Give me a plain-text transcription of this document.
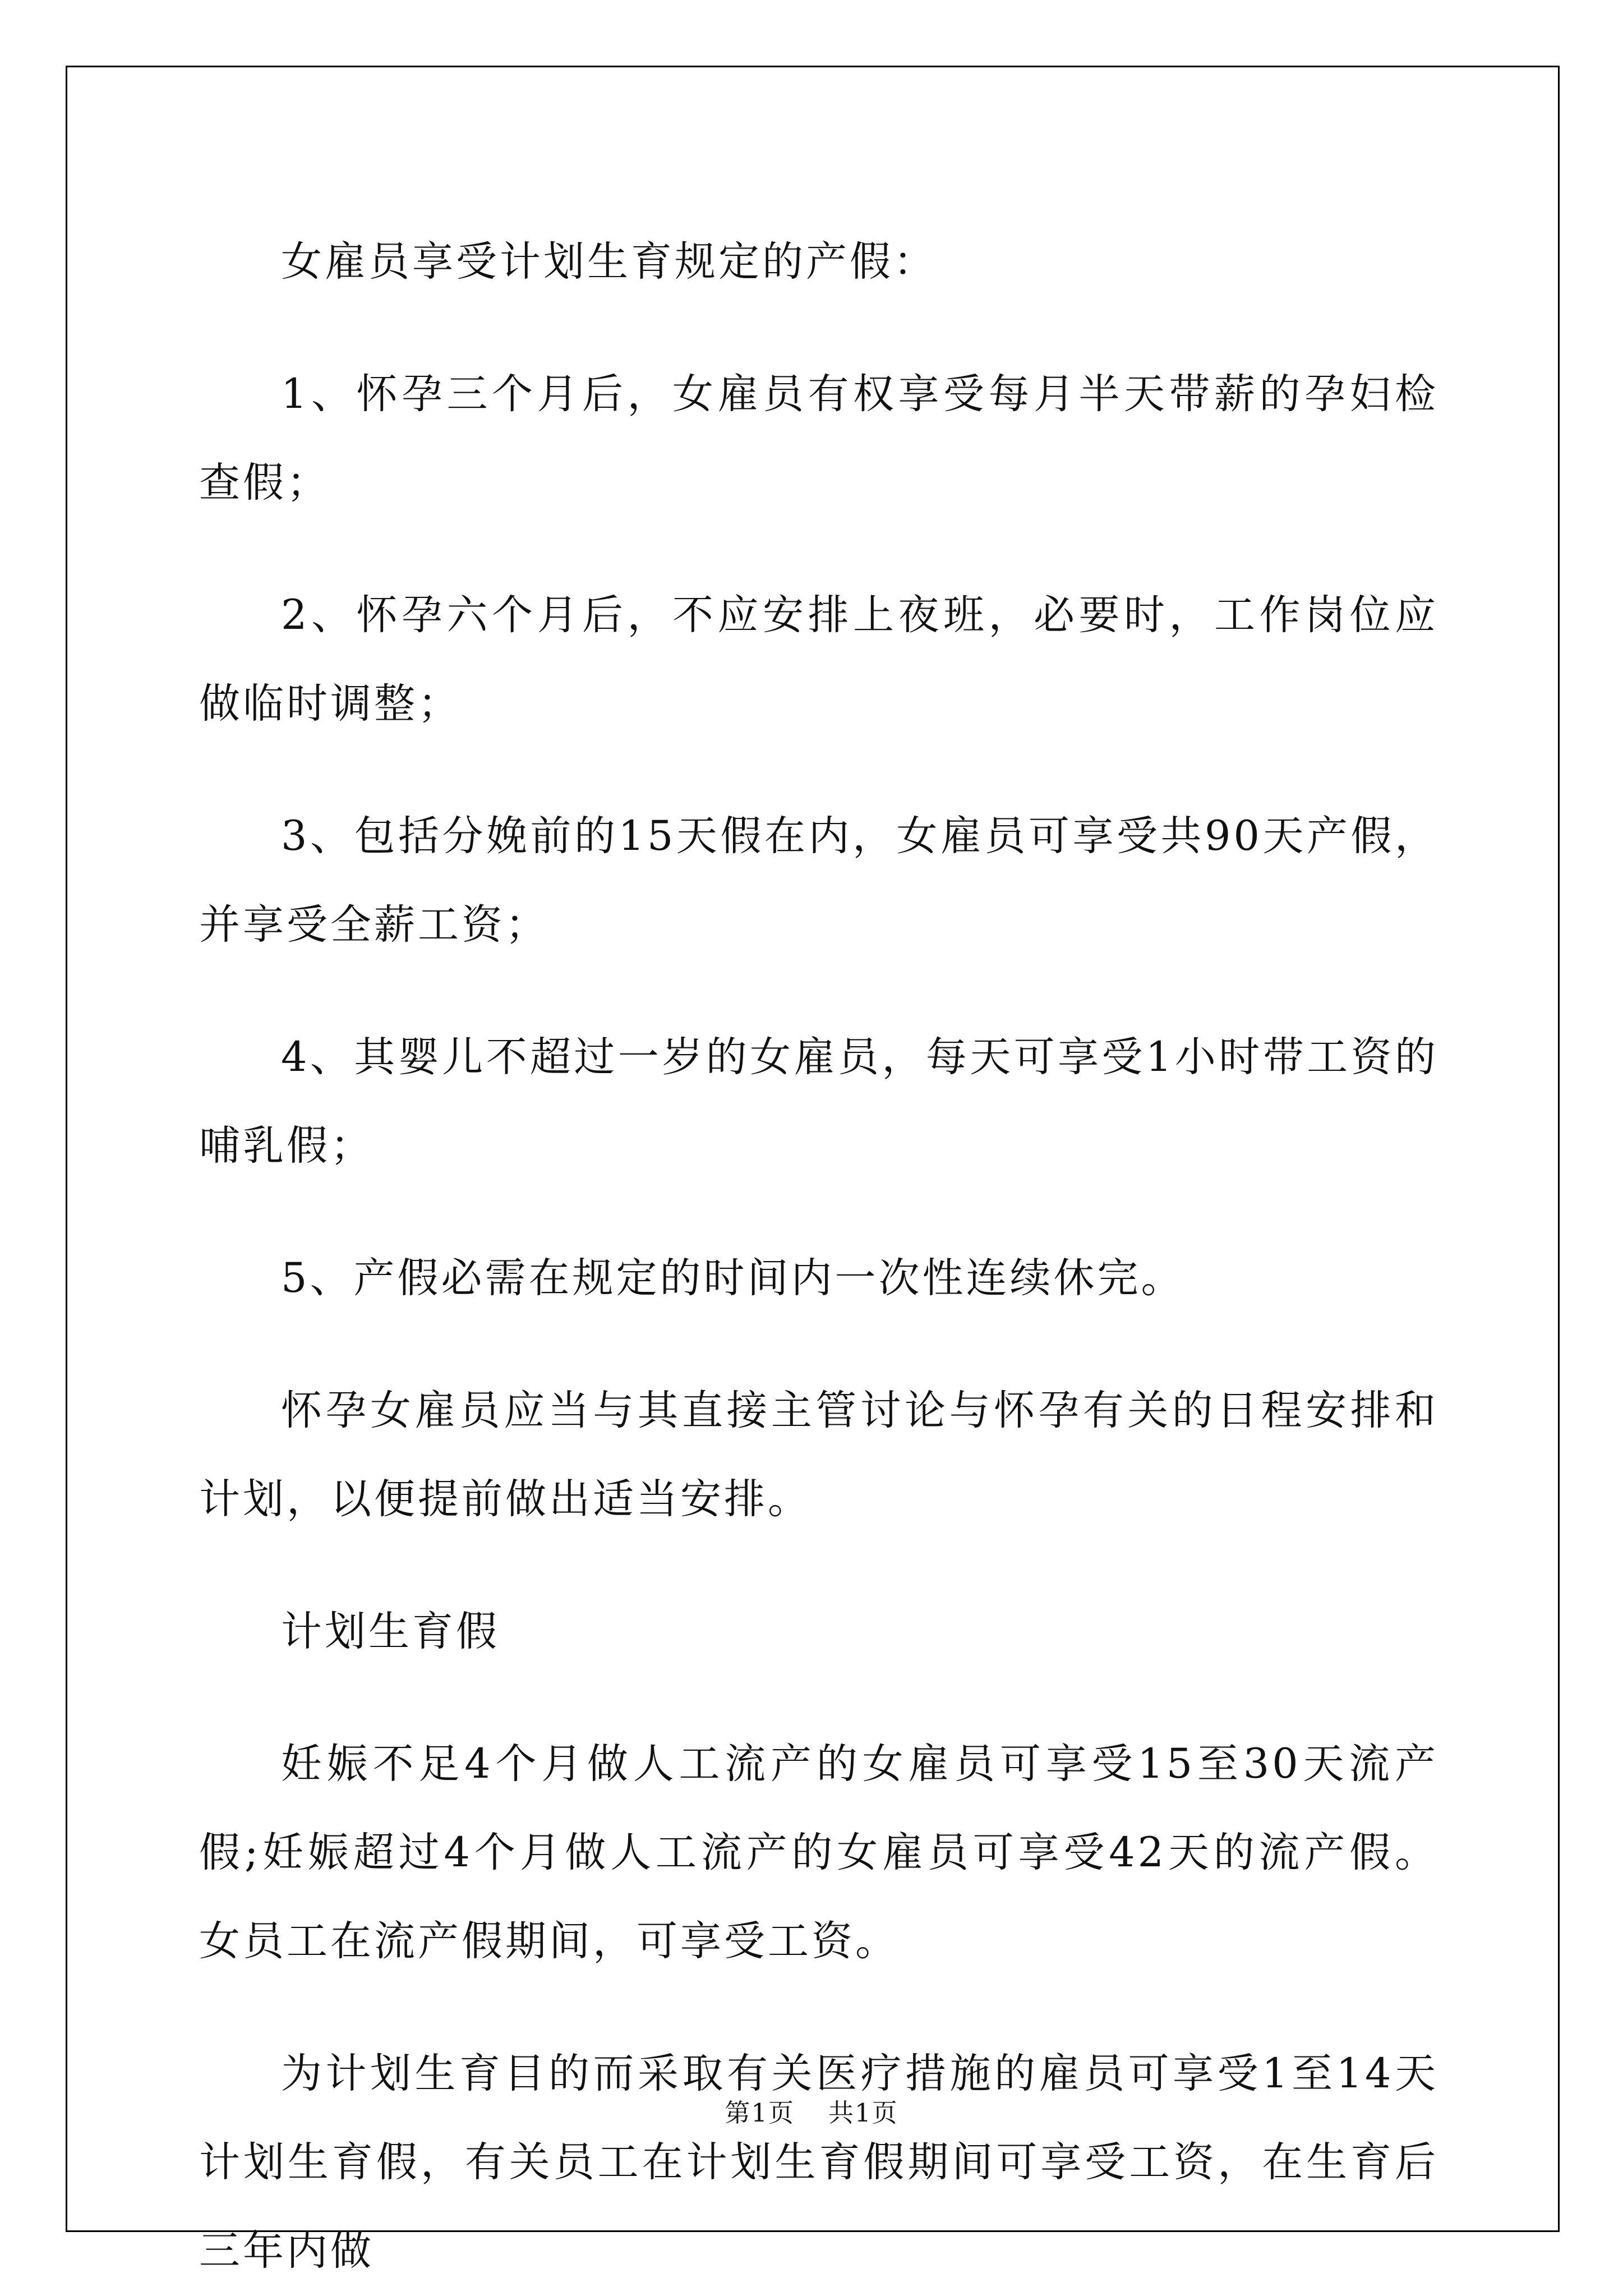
女雇员享受计划生育规定的产假：

1、怀孕三个月后，女雇员有权享受每月半天带薪的孕妇检查假；

2、怀孕六个月后，不应安排上夜班，必要时，工作岗位应做临时调整；

3、包括分娩前的15天假在内，女雇员可享受共90天产假，并享受全薪工资；

4、其婴儿不超过一岁的女雇员，每天可享受1小时带工资的哺乳假；

5、产假必需在规定的时间内一次性连续休完。

怀孕女雇员应当与其直接主管讨论与怀孕有关的日程安排和计划，以便提前做出适当安排。

计划生育假

妊娠不足4个月做人工流产的女雇员可享受15至30天流产假;妊娠超过4个月做人工流产的女雇员可享受42天的流产假。女员工在流产假期间，可享受工资。

为计划生育目的而采取有关医疗措施的雇员可享受1至14天计划生育假，有关员工在计划生育假期间可享受工资，在生育后三年内做

第1页 共1页
